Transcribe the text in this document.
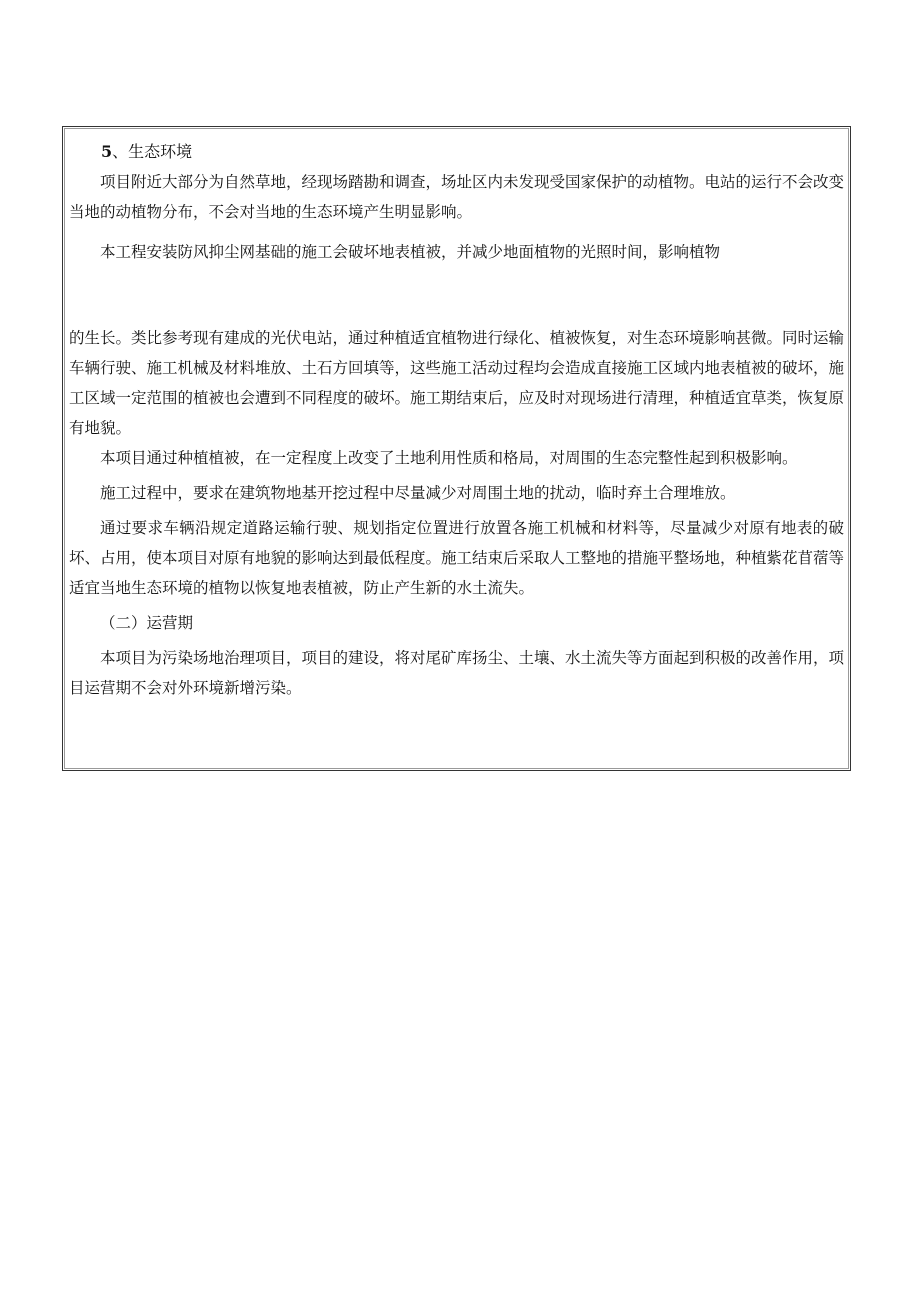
5、生态环境

项目附近大部分为自然草地，经现场踏勘和调查，场址区内未发现受国家保护的动植物。电站的运行不会改变当地的动植物分布，不会对当地的生态环境产生明显影响。

本工程安装防风抑尘网基础的施工会破坏地表植被，并减少地面植物的光照时间，影响植物

的生长。类比参考现有建成的光伏电站，通过种植适宜植物进行绿化、植被恢复，对生态环境影响甚微。同时运输车辆行驶、施工机械及材料堆放、土石方回填等，这些施工活动过程均会造成直接施工区域内地表植被的破坏，施工区域一定范围的植被也会遭到不同程度的破坏。施工期结束后，应及时对现场进行清理，种植适宜草类，恢复原有地貌。

本项目通过种植植被，在一定程度上改变了土地利用性质和格局，对周围的生态完整性起到积极影响。

施工过程中，要求在建筑物地基开挖过程中尽量减少对周围土地的扰动，临时弃土合理堆放。

通过要求车辆沿规定道路运输行驶、规划指定位置进行放置各施工机械和材料等，尽量减少对原有地表的破坏、占用，使本项目对原有地貌的影响达到最低程度。施工结束后采取人工整地的措施平整场地，种植紫花苜蓿等适宜当地生态环境的植物以恢复地表植被，防止产生新的水土流失。

（二）运营期

本项目为污染场地治理项目，项目的建设，将对尾矿库扬尘、土壤、水土流失等方面起到积极的改善作用，项目运营期不会对外环境新增污染。
